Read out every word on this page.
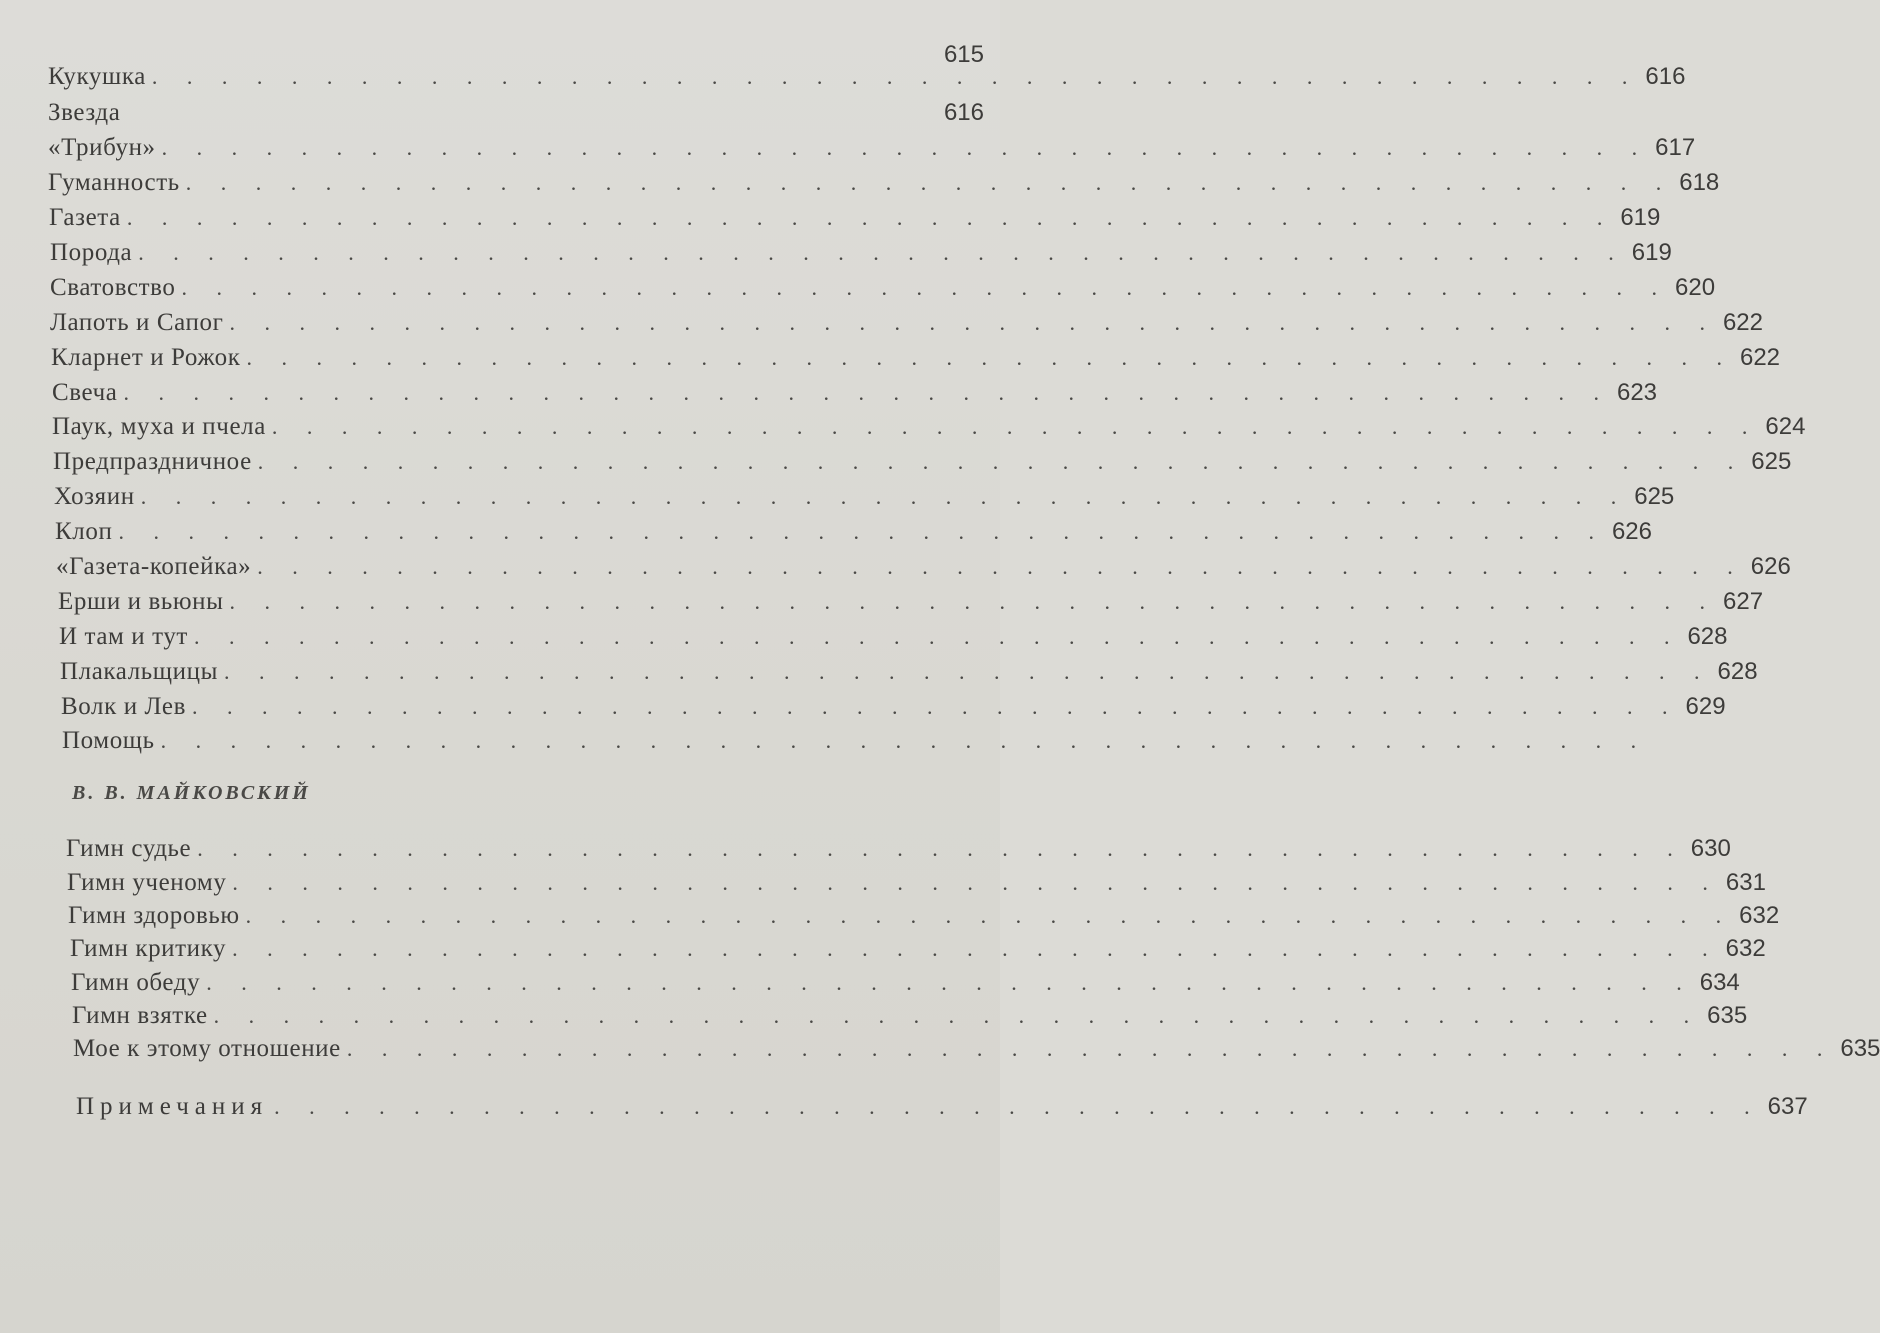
615
Кукушка . . . . . . . . . . . . . . . . . . . . . . . . . . . . . . . . . . . . . . . . . . . 616
Звезда	616
«Трибун» . . . . . . . . . . . . . . . . . . . . . . . . . . . . . . . . . . . . . . . . . . . 617
Гуманность . . . . . . . . . . . . . . . . . . . . . . . . . . . . . . . . . . . . . . . . . . . 618
Газета . . . . . . . . . . . . . . . . . . . . . . . . . . . . . . . . . . . . . . . . . . . 619
Порода . . . . . . . . . . . . . . . . . . . . . . . . . . . . . . . . . . . . . . . . . . . 619
Сватовство . . . . . . . . . . . . . . . . . . . . . . . . . . . . . . . . . . . . . . . . . . . 620
Лапоть и Сапог . . . . . . . . . . . . . . . . . . . . . . . . . . . . . . . . . . . . . . . . . . . 622
Кларнет и Рожок . . . . . . . . . . . . . . . . . . . . . . . . . . . . . . . . . . . . . . . . . . . 622
Свеча . . . . . . . . . . . . . . . . . . . . . . . . . . . . . . . . . . . . . . . . . . . 623
Паук, муха и пчела . . . . . . . . . . . . . . . . . . . . . . . . . . . . . . . . . . . . . . . . . . . 624
Предпраздничное . . . . . . . . . . . . . . . . . . . . . . . . . . . . . . . . . . . . . . . . . . . 625
Хозяин . . . . . . . . . . . . . . . . . . . . . . . . . . . . . . . . . . . . . . . . . . . 625
Клоп . . . . . . . . . . . . . . . . . . . . . . . . . . . . . . . . . . . . . . . . . . . 626
«Газета-копейка» . . . . . . . . . . . . . . . . . . . . . . . . . . . . . . . . . . . . . . . . . . . 626
Ерши и вьюны . . . . . . . . . . . . . . . . . . . . . . . . . . . . . . . . . . . . . . . . . . . 627
И там и тут . . . . . . . . . . . . . . . . . . . . . . . . . . . . . . . . . . . . . . . . . . . 628
Плакальщицы . . . . . . . . . . . . . . . . . . . . . . . . . . . . . . . . . . . . . . . . . . . 628
Волк и Лев . . . . . . . . . . . . . . . . . . . . . . . . . . . . . . . . . . . . . . . . . . . 629
Помощь . . . . . . . . . . . . . . . . . . . . . . . . . . . . . . . . . . . . . . . . . . .
В. В. МАЙКОВСКИЙ
Гимн судье . . . . . . . . . . . . . . . . . . . . . . . . . . . . . . . . . . . . . . . . . . . 630
Гимн ученому . . . . . . . . . . . . . . . . . . . . . . . . . . . . . . . . . . . . . . . . . . . 631
Гимн здоровью . . . . . . . . . . . . . . . . . . . . . . . . . . . . . . . . . . . . . . . . . . . 632
Гимн критику . . . . . . . . . . . . . . . . . . . . . . . . . . . . . . . . . . . . . . . . . . . 632
Гимн обеду . . . . . . . . . . . . . . . . . . . . . . . . . . . . . . . . . . . . . . . . . . . 634
Гимн взятке . . . . . . . . . . . . . . . . . . . . . . . . . . . . . . . . . . . . . . . . . . . 635
Мое к этому отношение . . . . . . . . . . . . . . . . . . . . . . . . . . . . . . . . . . . . . . . . . . . 635
Примечания . . . . . . . . . . . . . . . . . . . . . . . . . . . . . . . . . . . . . . . . . . . 637
